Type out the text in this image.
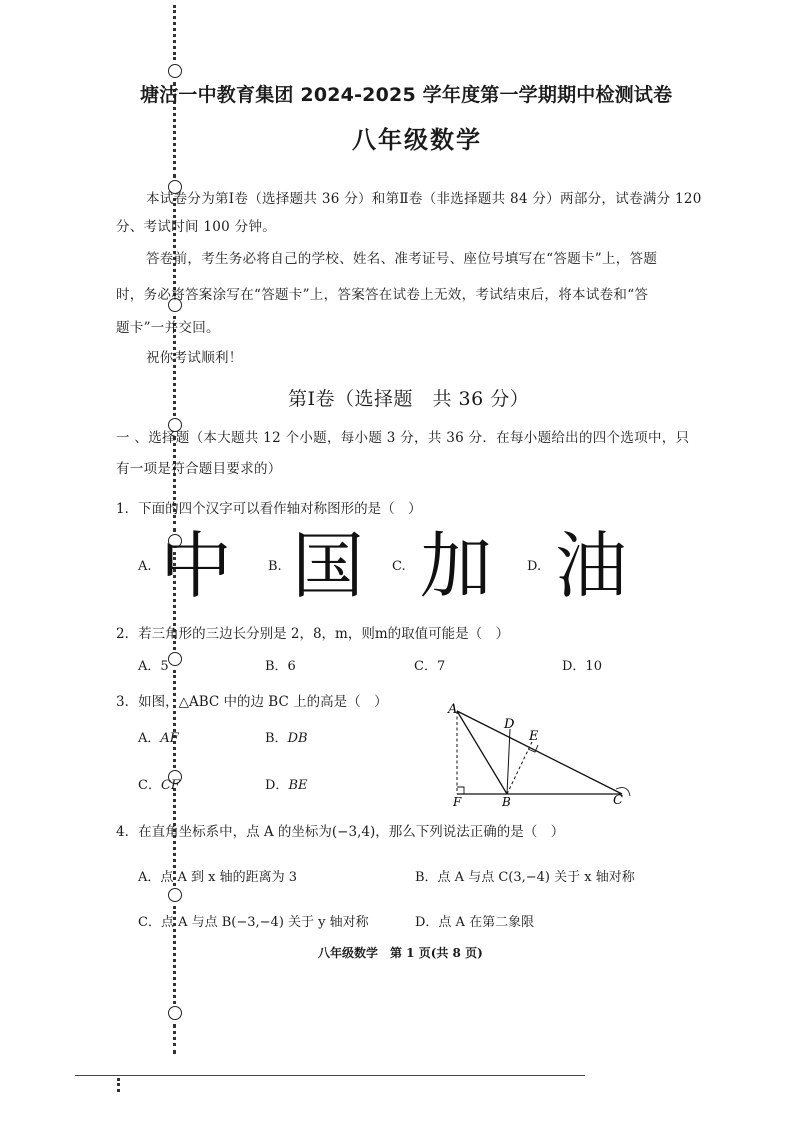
塘沽一中教育集团 2024-2025 学年度第一学期期中检测试卷
八年级数学
本试卷分为第Ⅰ卷（选择题共 36 分）和第Ⅱ卷（非选择题共 84 分）两部分，试卷满分 120
分、考试时间 100 分钟。
答卷前，考生务必将自己的学校、姓名、准考证号、座位号填写在“答题卡”上，答题
时，务必将答案涂写在“答题卡”上，答案答在试卷上无效，考试结束后，将本试卷和“答
题卡”一并交回。
祝你考试顺利！
第Ⅰ卷（选择题　共 36 分）
一 、选择题（本大题共 12 个小题，每小题 3 分，共 36 分．在每小题给出的四个选项中，只
有一项是符合题目要求的）
1．下面的四个汉字可以看作轴对称图形的是（　）
A. 中	B. 国 C. 加	D. 油
2．若三角形的三边长分别是 2，8，m，则m的取值可能是（　）
A．5	B．6	C．7	D．10
3．如图，△ABC 中的边 BC 上的高是（　）
A．AF	B．DB
C．CF	D．BE
A
D
E
F	B	C
4．在直角坐标系中，点 A 的坐标为(−3,4)，那么下列说法正确的是（　）
A．点 A 到 x 轴的距离为 3	B．点 A 与点 C(3,−4) 关于 x 轴对称
C．点 A 与点 B(−3,−4) 关于 y 轴对称	D．点 A 在第二象限
八年级数学　第 1 页(共 8 页)
